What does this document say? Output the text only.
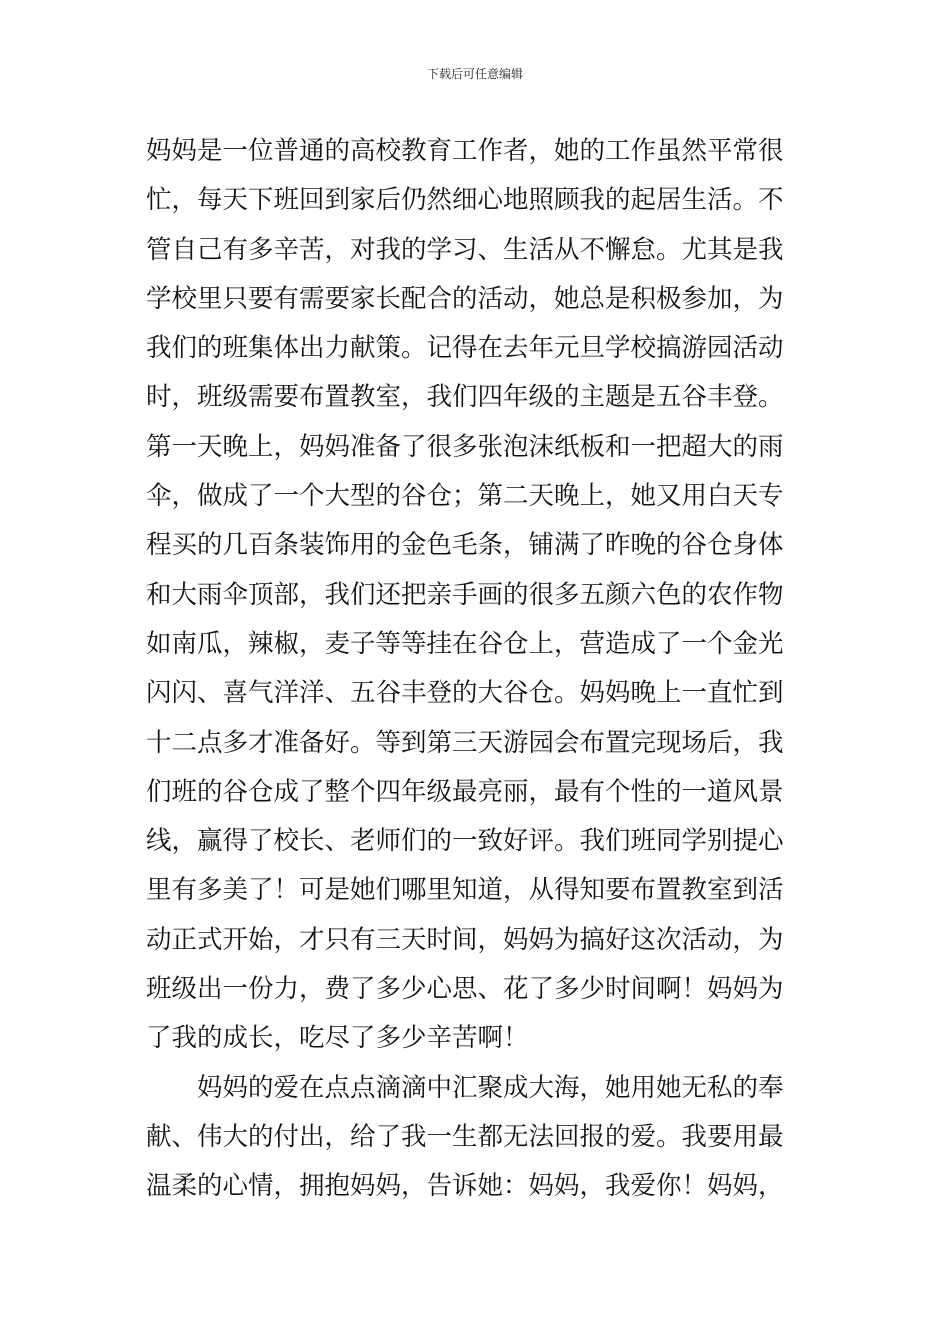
下载后可任意编辑
妈妈是一位普通的高校教育工作者，她的工作虽然平常很
忙，每天下班回到家后仍然细心地照顾我的起居生活。不
管自己有多辛苦，对我的学习、生活从不懈怠。尤其是我
学校里只要有需要家长配合的活动，她总是积极参加，为
我们的班集体出力献策。记得在去年元旦学校搞游园活动
时，班级需要布置教室，我们四年级的主题是五谷丰登。
第一天晚上，妈妈准备了很多张泡沫纸板和一把超大的雨
伞，做成了一个大型的谷仓；第二天晚上，她又用白天专
程买的几百条装饰用的金色毛条，铺满了昨晚的谷仓身体
和大雨伞顶部，我们还把亲手画的很多五颜六色的农作物
如南瓜，辣椒，麦子等等挂在谷仓上，营造成了一个金光
闪闪、喜气洋洋、五谷丰登的大谷仓。妈妈晚上一直忙到
十二点多才准备好。等到第三天游园会布置完现场后，我
们班的谷仓成了整个四年级最亮丽，最有个性的一道风景
线，赢得了校长、老师们的一致好评。我们班同学别提心
里有多美了！可是她们哪里知道，从得知要布置教室到活
动正式开始，才只有三天时间，妈妈为搞好这次活动，为
班级出一份力，费了多少心思、花了多少时间啊！妈妈为
了我的成长，吃尽了多少辛苦啊！
妈妈的爱在点点滴滴中汇聚成大海，她用她无私的奉
献、伟大的付出，给了我一生都无法回报的爱。我要用最
温柔的心情，拥抱妈妈，告诉她：妈妈，我爱你！妈妈，
